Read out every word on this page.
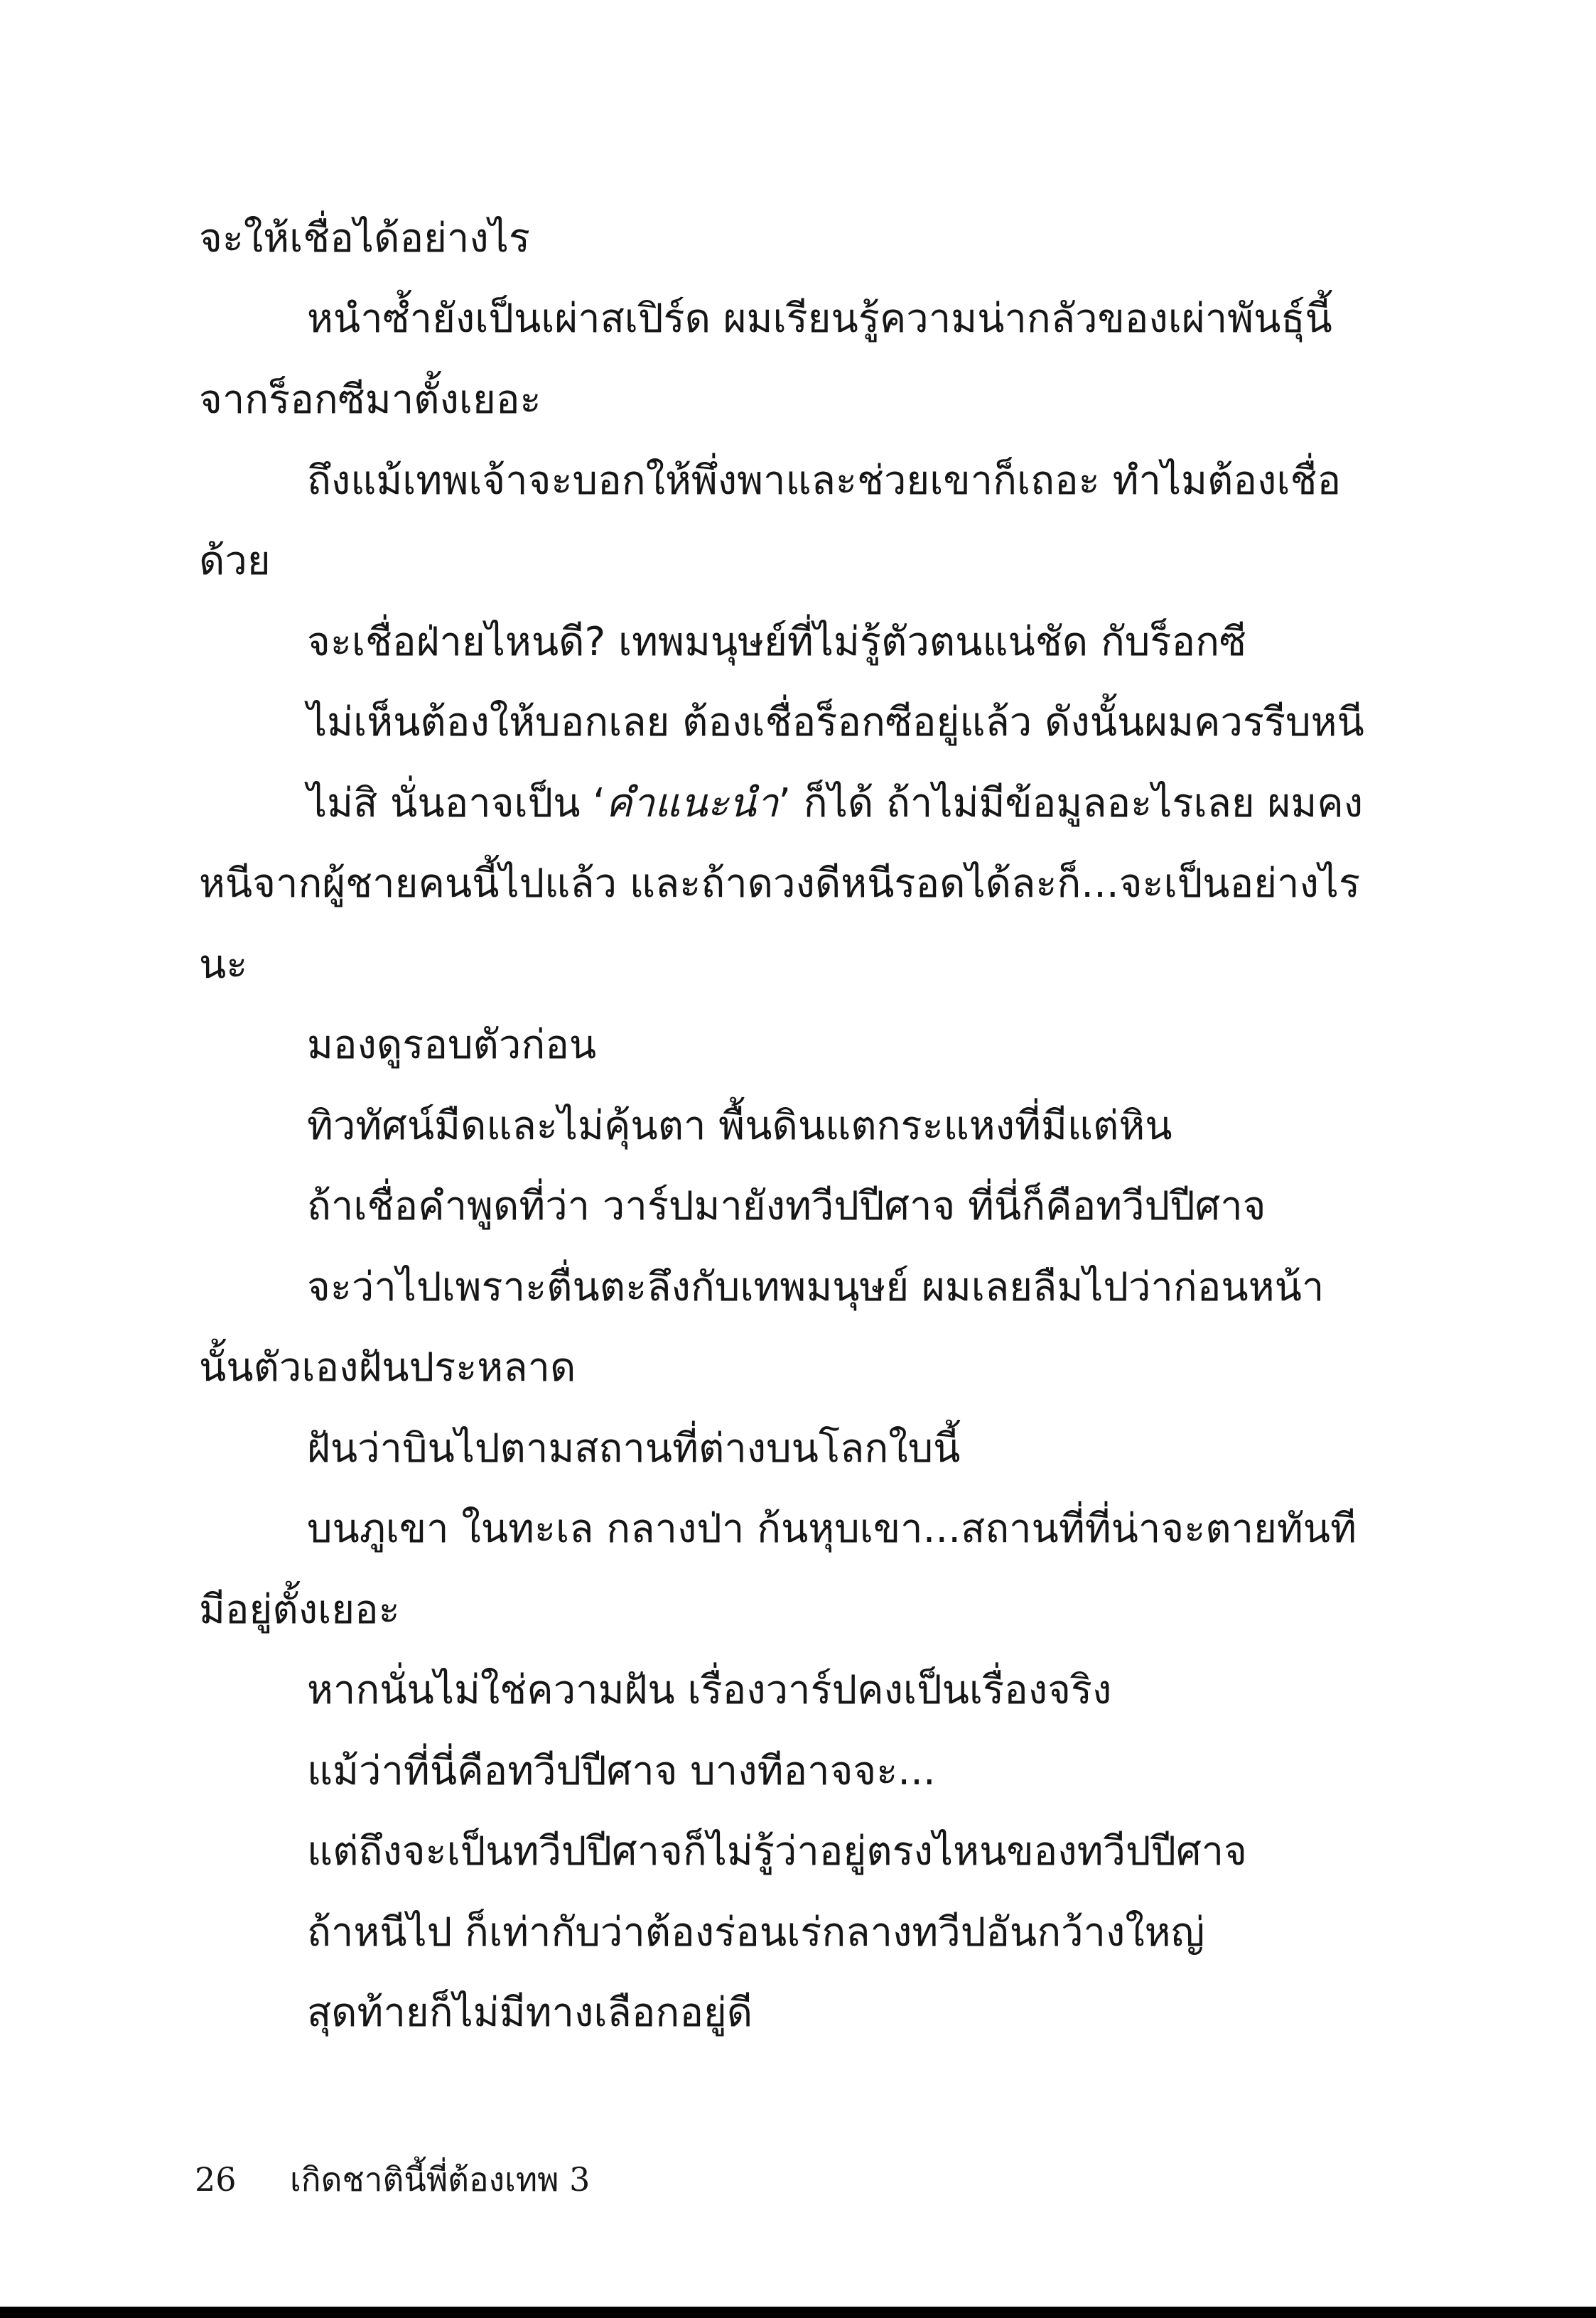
จะให้เชื่อได้อย่างไร
หนำซ้ำยังเป็นเผ่าสเปิร์ด ผมเรียนรู้ความน่ากลัวของเผ่าพันธุ์นี้
จากร็อกซีมาตั้งเยอะ
ถึงแม้เทพเจ้าจะบอกให้พึ่งพาและช่วยเขาก็เถอะ ทำไมต้องเชื่อ
ด้วย
จะเชื่อฝ่ายไหนดี? เทพมนุษย์ที่ไม่รู้ตัวตนแน่ชัด กับร็อกซี
ไม่เห็นต้องให้บอกเลย ต้องเชื่อร็อกซีอยู่แล้ว ดังนั้นผมควรรีบหนี
ไม่สิ นั่นอาจเป็น ‘คำแนะนำ’ ก็ได้ ถ้าไม่มีข้อมูลอะไรเลย ผมคง
หนีจากผู้ชายคนนี้ไปแล้ว และถ้าดวงดีหนีรอดได้ละก็...จะเป็นอย่างไร
นะ
มองดูรอบตัวก่อน
ทิวทัศน์มืดและไม่คุ้นตา พื้นดินแตกระแหงที่มีแต่หิน
ถ้าเชื่อคำพูดที่ว่า วาร์ปมายังทวีปปีศาจ ที่นี่ก็คือทวีปปีศาจ
จะว่าไปเพราะตื่นตะลึงกับเทพมนุษย์ ผมเลยลืมไปว่าก่อนหน้า
นั้นตัวเองฝันประหลาด
ฝันว่าบินไปตามสถานที่ต่างบนโลกใบนี้
บนภูเขา ในทะเล กลางป่า ก้นหุบเขา...สถานที่ที่น่าจะตายทันที
มีอยู่ตั้งเยอะ
หากนั่นไม่ใช่ความฝัน เรื่องวาร์ปคงเป็นเรื่องจริง
แม้ว่าที่นี่คือทวีปปีศาจ บางทีอาจจะ...
แต่ถึงจะเป็นทวีปปีศาจก็ไม่รู้ว่าอยู่ตรงไหนของทวีปปีศาจ
ถ้าหนีไป ก็เท่ากับว่าต้องร่อนเร่กลางทวีปอันกว้างใหญ่
สุดท้ายก็ไม่มีทางเลือกอยู่ดี
26 เกิดชาตินี้พี่ต้องเทพ 3
